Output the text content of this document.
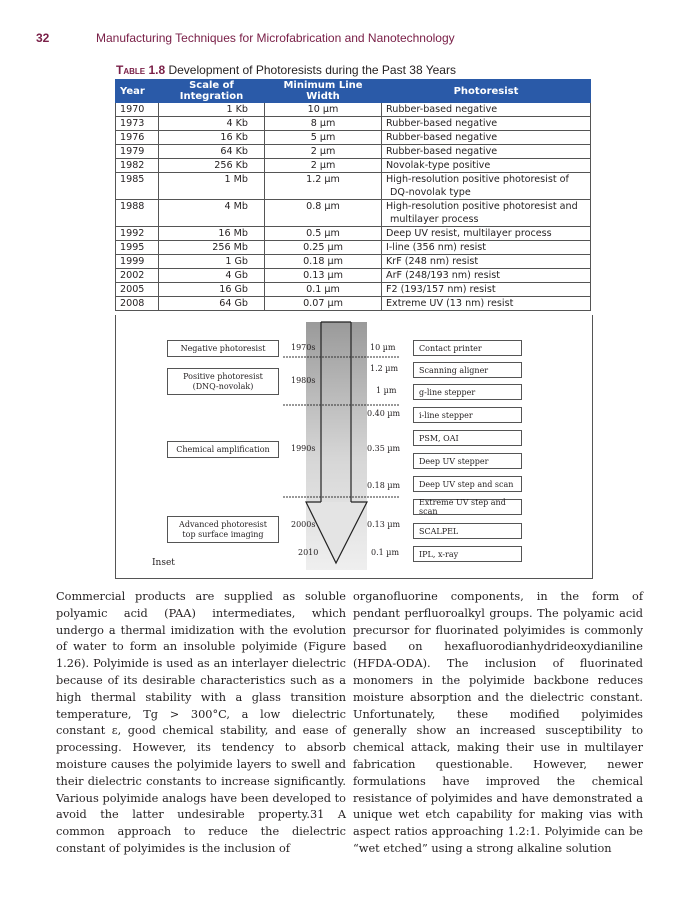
32	Manufacturing Techniques for Microfabrication and Nanotechnology
Table 1.8 Development of Photoresists during the Past 38 Years
Year	Scale of Integration	Minimum Line Width	Photoresist
1970	1 Kb	10 µm	Rubber-based negative
1973	4 Kb	8 µm	Rubber-based negative
1976	16 Kb	5 µm	Rubber-based negative
1979	64 Kb	2 µm	Rubber-based negative
1982	256 Kb	2 µm	Novolak-type positive
1985	1 Mb	1.2 µm	High-resolution positive photoresist of
DQ-novolak type
1988	4 Mb	0.8 µm	High-resolution positive photoresist and
multilayer process
1992	16 Mb	0.5 µm	Deep UV resist, multilayer process
1995	256 Mb	0.25 µm	I-line (356 nm) resist
1999	1 Gb	0.18 µm	KrF (248 nm) resist
2002	4 Gb	0.13 µm	ArF (248/193 nm) resist
2005	16 Gb	0.1 µm	F2 (193/157 nm) resist
2008	64 Gb	0.07 µm	Extreme UV (13 nm) resist
Negative photoresist
Positive photoresist
(DNQ-novolak)
Chemical amplification
Advanced photoresist
top surface imaging
1970s
1980s
1990s
2000s
2010
10 µm
1.2 µm
1 µm
0.40 µm
0.35 µm
0.18 µm
0.13 µm
0.1 µm
Contact printer
Scanning aligner
g-line stepper
i-line stepper
PSM, OAI
Deep UV stepper
Deep UV step and scan
Extreme UV step and scan
SCALPEL
IPL, x-ray
Inset

Commercial products are supplied as soluble polyamic acid (PAA) intermediates, which undergo a thermal imidization with the evolution of water to form an insoluble polyimide (Figure 1.26). Polyimide is used as an interlayer dielectric because of its desirable characteristics such as a high thermal stability with a glass transition temperature, Tg > 300°C, a low dielectric constant ε, good chemical stability, and ease of processing. However, its tendency to absorb moisture causes the polyimide layers to swell and their dielectric constants to increase significantly. Various polyimide analogs have been developed to avoid the latter undesirable property.31 A common approach to reduce the dielectric constant of polyimides is the inclusion of

organofluorine components, in the form of pendant perfluoroalkyl groups. The polyamic acid precursor for fluorinated polyimides is commonly based on hexafluorodianhydrideoxydianiline (HFDA-ODA). The inclusion of fluorinated monomers in the polyimide backbone reduces moisture absorption and the dielectric constant. Unfortunately, these modified polyimides generally show an increased susceptibility to chemical attack, making their use in multilayer fabrication questionable. However, newer formulations have improved the chemical resistance of polyimides and have demonstrated a unique wet etch capability for making vias with aspect ratios approaching 1.2:1. Polyimide can be “wet etched” using a strong alkaline solution
